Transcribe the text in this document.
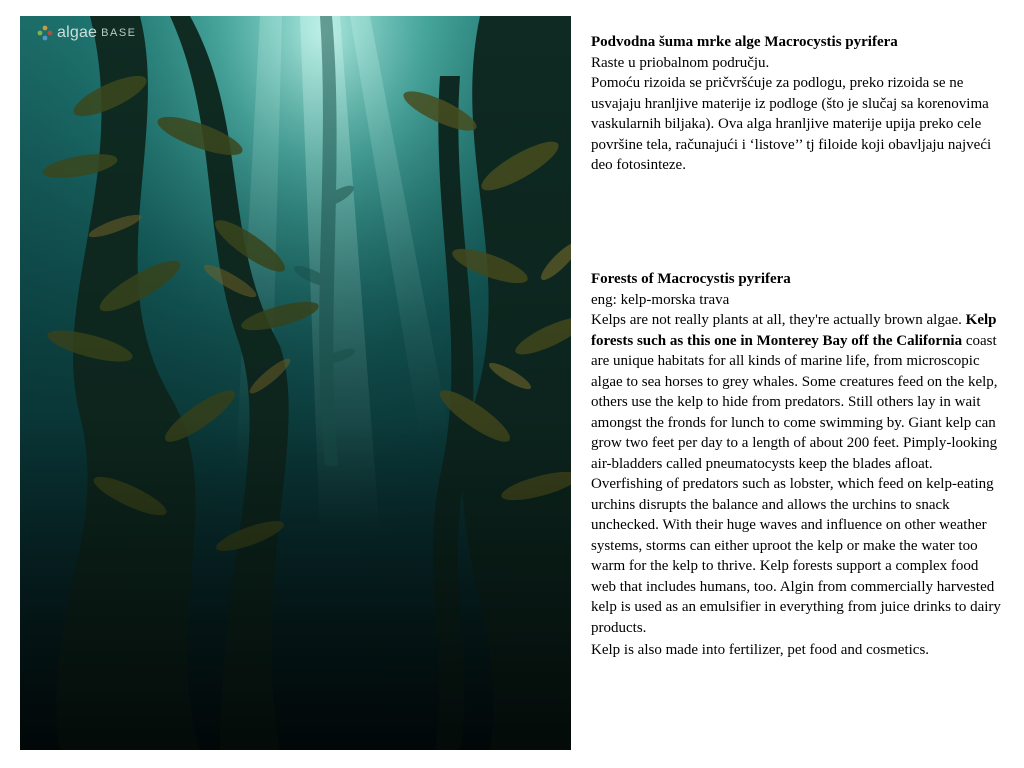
algae BASE

Podvodna šuma mrke alge Macrocystis pyrifera

Raste u priobalnom području.

Pomoću rizoida se pričvršćuje za podlogu, preko rizoida se ne usvajaju hranljive materije iz podloge (što je slučaj sa korenovima vaskularnih biljaka). Ova alga hranljive materije upija preko cele površine tela, računajući i ‘listove’’ tj filoide koji obavljaju najveći deo fotosinteze.

Forests of Macrocystis pyrifera

eng: kelp-morska trava

Kelps are not really plants at all, they're actually brown algae. Kelp forests such as this one in Monterey Bay off the California coast are unique habitats for all kinds of marine life, from microscopic algae to sea horses to grey whales. Some creatures feed on the kelp, others use the kelp to hide from predators. Still others lay in wait amongst the fronds for lunch to come swimming by. Giant kelp can grow two feet per day to a length of about 200 feet. Pimply-looking air-bladders called pneumatocysts keep the blades afloat.

Overfishing of predators such as lobster, which feed on kelp-eating urchins disrupts the balance and allows the urchins to snack unchecked. With their huge waves and influence on other weather systems, storms can either uproot the kelp or make the water too warm for the kelp to thrive. Kelp forests support a complex food web that includes humans, too. Algin from commercially harvested kelp is used as an emulsifier in everything from juice drinks to dairy products.

Kelp is also made into fertilizer, pet food and cosmetics.
